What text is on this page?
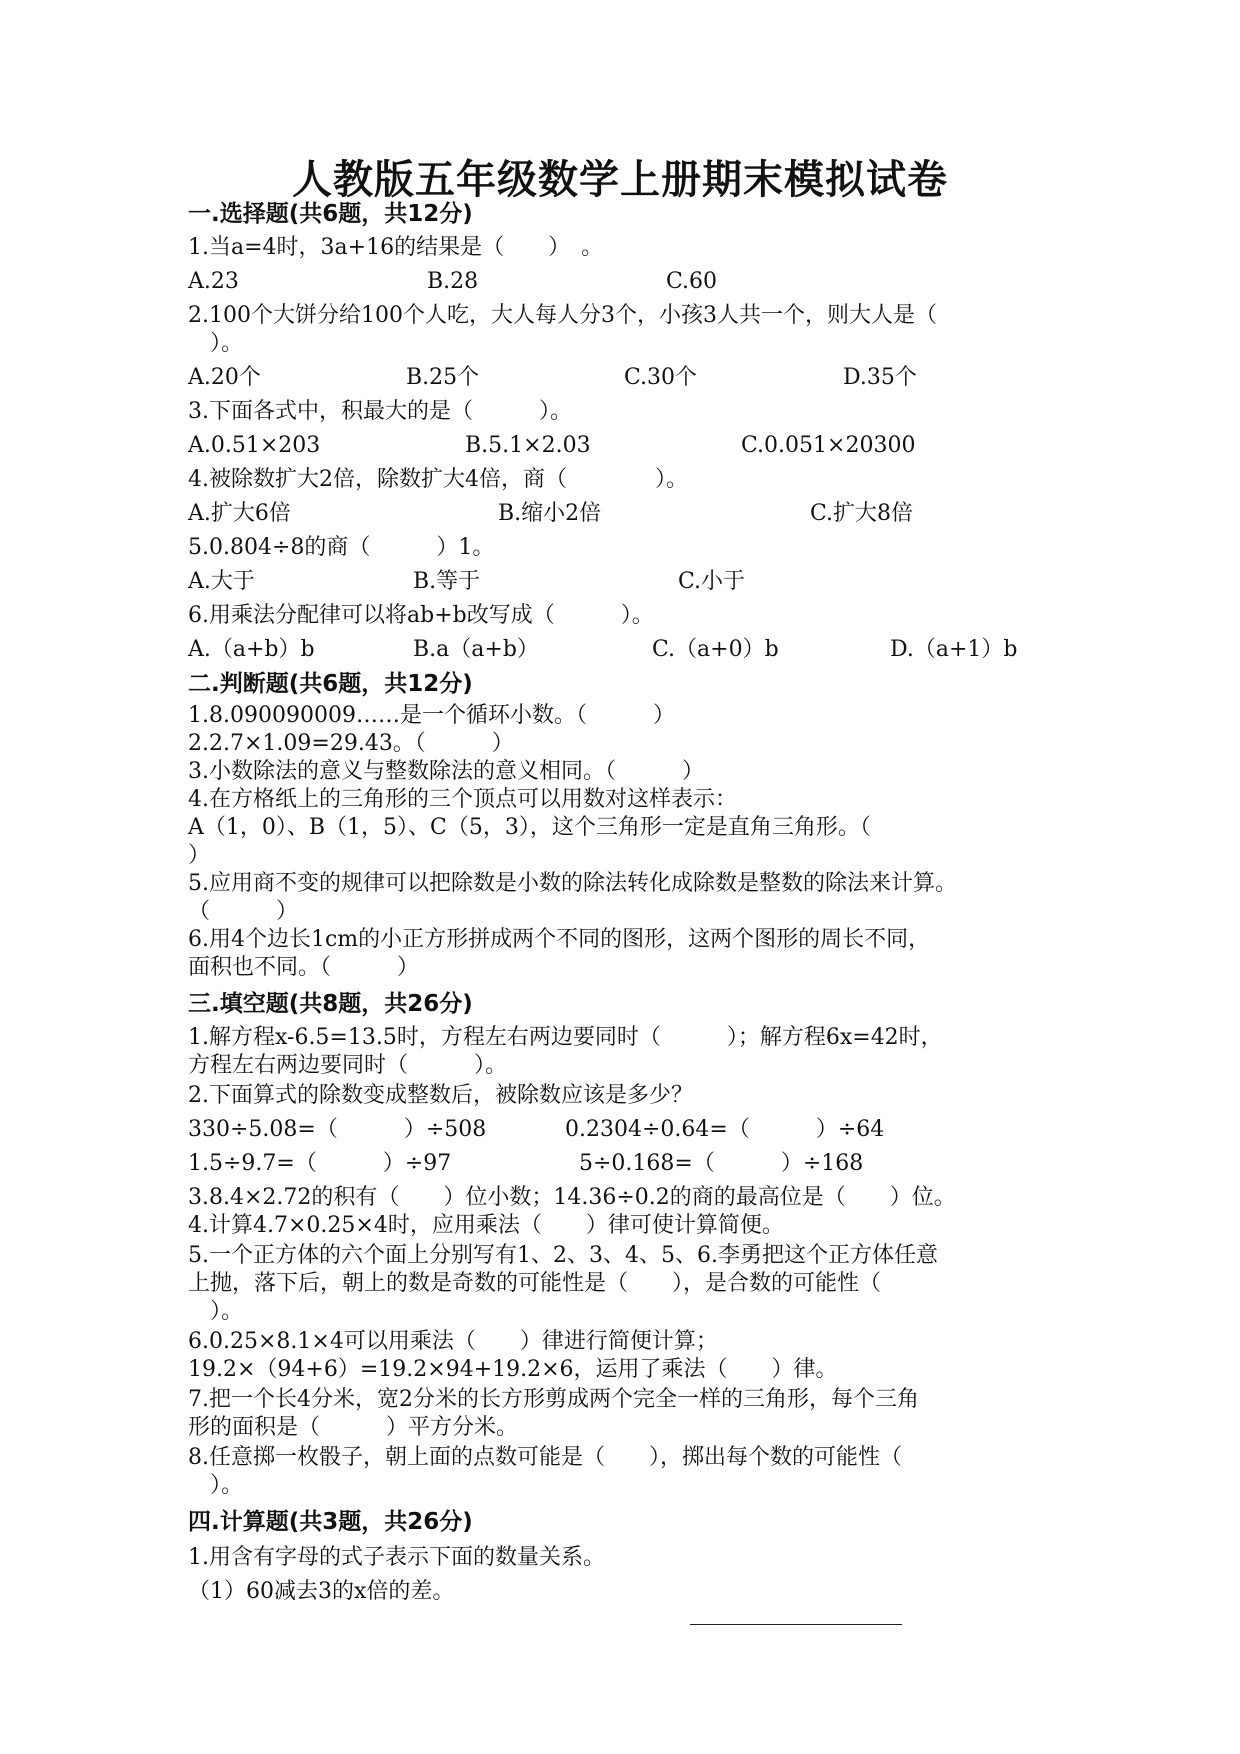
人教版五年级数学上册期末模拟试卷
一.选择题(共6题，共12分)
1.当a=4时，3a+16的结果是（　　）　。
A.23	B.28	C.60
2.100个大饼分给100个人吃，大人每人分3个，小孩3人共一个，则大人是（
　）。
A.20个	B.25个	C.30个	D.35个
3.下面各式中，积最大的是（　　　）。
A.0.51×203	B.5.1×2.03	C.0.051×20300
4.被除数扩大2倍，除数扩大4倍，商（　　　　）。
A.扩大6倍	B.缩小2倍	C.扩大8倍
5.0.804÷8的商（　　　）1。
A.大于	B.等于	C.小于
6.用乘法分配律可以将ab+b改写成（　　　）。
A.（a+b）b	B.a（a+b）	C.（a+0）b	D.（a+1）b
二.判断题(共6题，共12分)
1.8.090090009……是一个循环小数。（　　　）
2.2.7×1.09=29.43。（　　　）
3.小数除法的意义与整数除法的意义相同。（　　　）
4.在方格纸上的三角形的三个顶点可以用数对这样表示：
A（1，0）、B（1，5）、C（5，3），这个三角形一定是直角三角形。（
）
5.应用商不变的规律可以把除数是小数的除法转化成除数是整数的除法来计算。
（　　　）
6.用4个边长1cm的小正方形拼成两个不同的图形，这两个图形的周长不同，
面积也不同。（　　　）
三.填空题(共8题，共26分)
1.解方程x-6.5=13.5时，方程左右两边要同时（　　　）；解方程6x=42时，
方程左右两边要同时（　　　）。
2.下面算式的除数变成整数后，被除数应该是多少？
330÷5.08=（　　　）÷508	0.2304÷0.64=（　　　）÷64
1.5÷9.7=（　　　）÷97	5÷0.168=（　　　）÷168
3.8.4×2.72的积有（　　）位小数；14.36÷0.2的商的最高位是（　　）位。
4.计算4.7×0.25×4时，应用乘法（　　）律可使计算简便。
5.一个正方体的六个面上分别写有1、2、3、4、5、6.李勇把这个正方体任意
上抛，落下后，朝上的数是奇数的可能性是（　　），是合数的可能性（
　）。
6.0.25×8.1×4可以用乘法（　　）律进行简便计算；
19.2×（94+6）=19.2×94+19.2×6，运用了乘法（　　）律。
7.把一个长4分米，宽2分米的长方形剪成两个完全一样的三角形，每个三角
形的面积是（　　　）平方分米。
8.任意掷一枚骰子，朝上面的点数可能是（　　），掷出每个数的可能性（
　）。
四.计算题(共3题，共26分)
1.用含有字母的式子表示下面的数量关系。
（1）60减去3的x倍的差。
